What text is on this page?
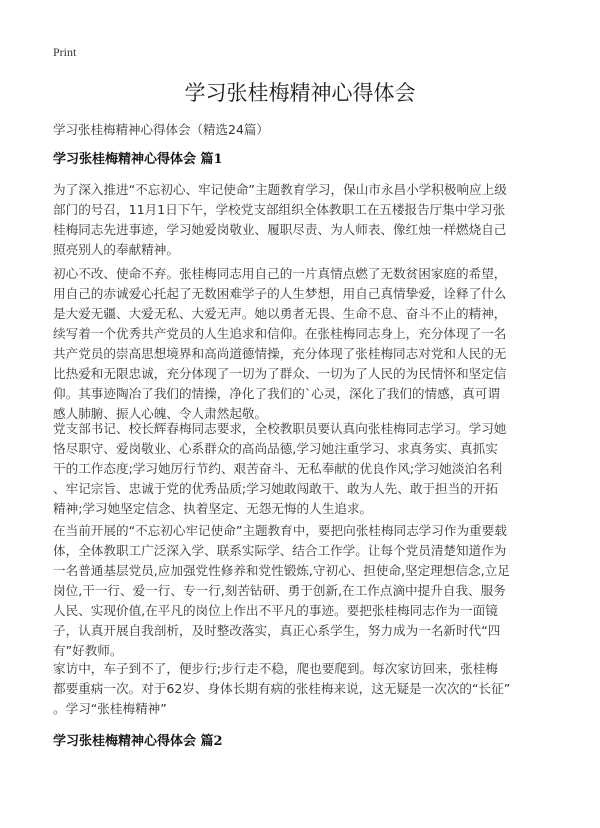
Print
学习张桂梅精神心得体会
学习张桂梅精神心得体会（精选24篇）
学习张桂梅精神心得体会 篇1
为了深入推进“不忘初心、牢记使命”主题教育学习，保山市永昌小学积极响应上级
部门的号召，11月1日下午，学校党支部组织全体教职工在五楼报告厅集中学习张
桂梅同志先进事迹，学习她爱岗敬业、履职尽责、为人师表、像红烛一样燃烧自己
照亮别人的奉献精神。
初心不改、使命不弃。张桂梅同志用自己的一片真情点燃了无数贫困家庭的希望，
用自己的赤诚爱心托起了无数困难学子的人生梦想，用自己真情挚爱，诠释了什么
是大爱无疆、大爱无私、大爱无声。她以勇者无畏、生命不息、奋斗不止的精神，
续写着一个优秀共产党员的人生追求和信仰。在张桂梅同志身上，充分体现了一名
共产党员的崇高思想境界和高尚道德情操，充分体现了张桂梅同志对党和人民的无
比热爱和无限忠诚，充分体现了一切为了群众、一切为了人民的为民情怀和坚定信
仰。其事迹陶冶了我们的情操，净化了我们的`心灵，深化了我们的情感，真可谓
感人肺腑、振人心魄、令人肃然起敬。
党支部书记、校长辉春梅同志要求，全校教职员要认真向张桂梅同志学习。学习她
恪尽职守、爱岗敬业、心系群众的高尚品德,学习她注重学习、求真务实、真抓实
干的工作态度;学习她厉行节约、艰苦奋斗、无私奉献的优良作风;学习她淡泊名利
、牢记宗旨、忠诚于党的优秀品质;学习她敢闯敢干、敢为人先、敢于担当的开拓
精神;学习她坚定信念、执着坚定、无怨无悔的人生追求。
在当前开展的“不忘初心牢记使命”主题教育中，要把向张桂梅同志学习作为重要载
体，全体教职工广泛深入学、联系实际学、结合工作学。让每个党员清楚知道作为
一名普通基层党员,应加强党性修养和党性锻炼,守初心、担使命,坚定理想信念,立足
岗位,干一行、爱一行、专一行,刻苦钻研、勇于创新,在工作点滴中提升自我、服务
人民、实现价值,在平凡的岗位上作出不平凡的事迹。要把张桂梅同志作为一面镜
子，认真开展自我剖析，及时整改落实，真正心系学生，努力成为一名新时代“四
有”好教师。
家访中，车子到不了，便步行;步行走不稳，爬也要爬到。每次家访回来，张桂梅
都要重病一次。对于62岁、身体长期有病的张桂梅来说，这无疑是一次次的“长征”
。学习“张桂梅精神”
学习张桂梅精神心得体会 篇2
